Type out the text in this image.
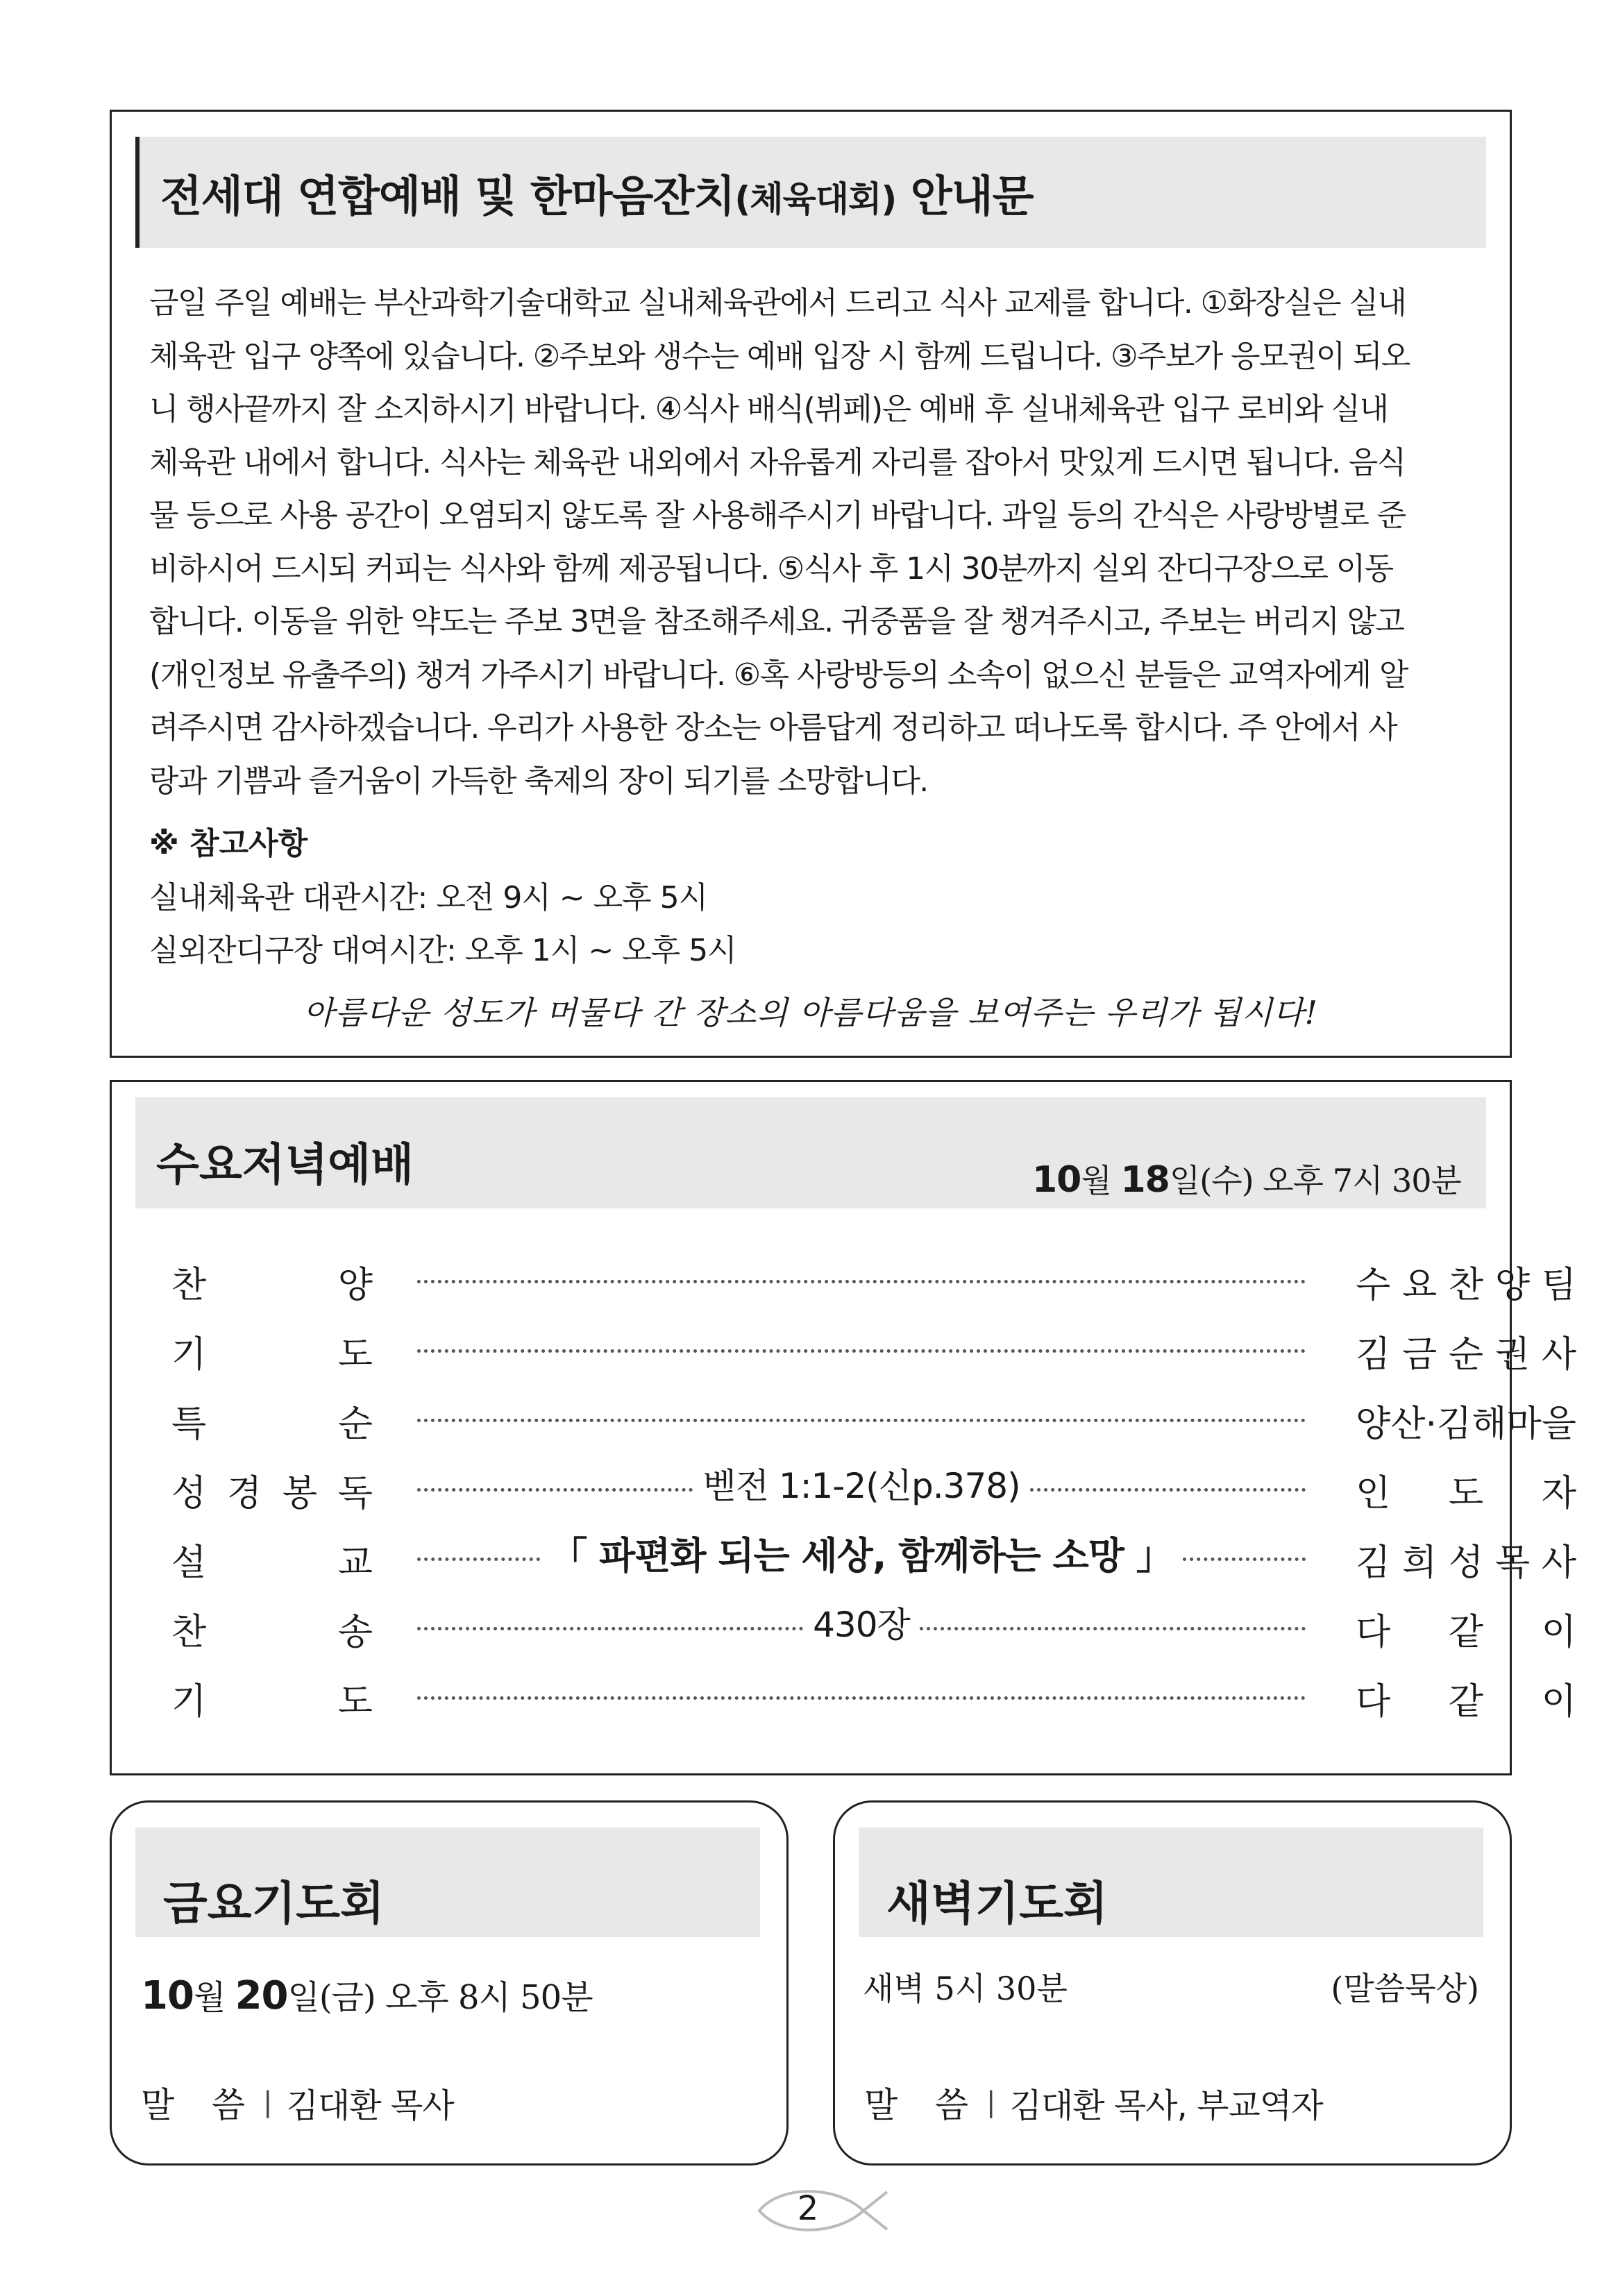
전세대 연합예배 및 한마음잔치(체육대회) 안내문

금일 주일 예배는 부산과학기술대학교 실내체육관에서 드리고 식사 교제를 합니다. ①화장실은 실내

체육관 입구 양쪽에 있습니다. ②주보와 생수는 예배 입장 시 함께 드립니다. ③주보가 응모권이 되오

니 행사끝까지 잘 소지하시기 바랍니다. ④식사 배식(뷔페)은 예배 후 실내체육관 입구 로비와 실내

체육관 내에서 합니다. 식사는 체육관 내외에서 자유롭게 자리를 잡아서 맛있게 드시면 됩니다. 음식

물 등으로 사용 공간이 오염되지 않도록 잘 사용해주시기 바랍니다. 과일 등의 간식은 사랑방별로 준

비하시어 드시되 커피는 식사와 함께 제공됩니다. ⑤식사 후 1시 30분까지 실외 잔디구장으로 이동

합니다. 이동을 위한 약도는 주보 3면을 참조해주세요. 귀중품을 잘 챙겨주시고, 주보는 버리지 않고

(개인정보 유출주의) 챙겨 가주시기 바랍니다. ⑥혹 사랑방등의 소속이 없으신 분들은 교역자에게 알

려주시면 감사하겠습니다. 우리가 사용한 장소는 아름답게 정리하고 떠나도록 합시다. 주 안에서 사

랑과 기쁨과 즐거움이 가득한 축제의 장이 되기를 소망합니다.

※ 참고사항
실내체육관 대관시간: 오전 9시 ~ 오후 5시
실외잔디구장 대여시간: 오후 1시 ~ 오후 5시
아름다운 성도가 머물다 간 장소의 아름다움을 보여주는 우리가 됩시다!
수요저녁예배	10월 18일(수) 오후 7시 30분
찬	양	수 요 찬 양 팀
기	도	김 금 순 권 사
특	순	양산·김해마을
성 경 봉 독	벧전 1:1-2(신p.378)	인 도 자
설	교	「 파편화 되는 세상, 함께하는 소망 」	김 희 성 목 사
찬	송	430장	다 같 이
기	도	다 같 이
금요기도회
10월 20일(금) 오후 8시 50분
말 씀 | 김대환 목사
새벽기도회
새벽 5시 30분	(말씀묵상)
말 씀 | 김대환 목사, 부교역자
2
